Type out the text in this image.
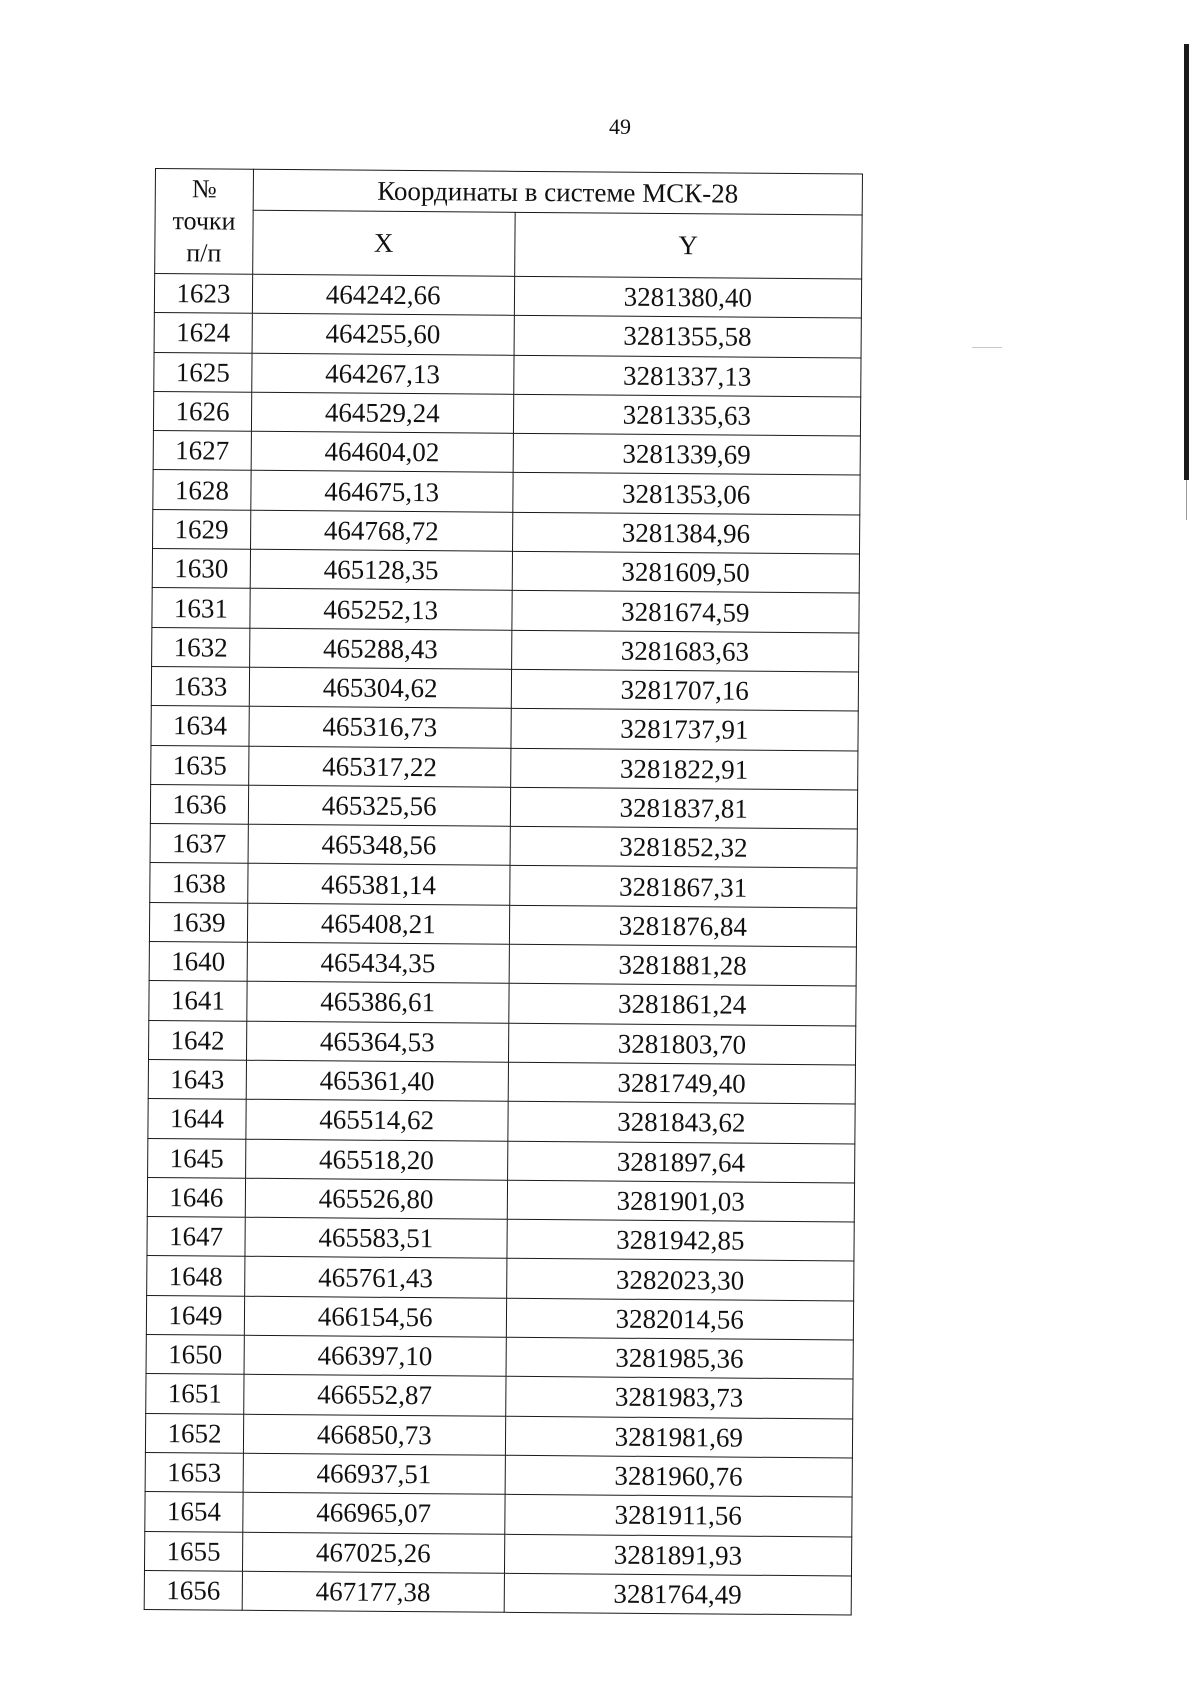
49
№
точки
п/п	Координаты в системе МСК-28	
	X	Y
1623	464242,66	3281380,40
1624	464255,60	3281355,58
1625	464267,13	3281337,13
1626	464529,24	3281335,63
1627	464604,02	3281339,69
1628	464675,13	3281353,06
1629	464768,72	3281384,96
1630	465128,35	3281609,50
1631	465252,13	3281674,59
1632	465288,43	3281683,63
1633	465304,62	3281707,16
1634	465316,73	3281737,91
1635	465317,22	3281822,91
1636	465325,56	3281837,81
1637	465348,56	3281852,32
1638	465381,14	3281867,31
1639	465408,21	3281876,84
1640	465434,35	3281881,28
1641	465386,61	3281861,24
1642	465364,53	3281803,70
1643	465361,40	3281749,40
1644	465514,62	3281843,62
1645	465518,20	3281897,64
1646	465526,80	3281901,03
1647	465583,51	3281942,85
1648	465761,43	3282023,30
1649	466154,56	3282014,56
1650	466397,10	3281985,36
1651	466552,87	3281983,73
1652	466850,73	3281981,69
1653	466937,51	3281960,76
1654	466965,07	3281911,56
1655	467025,26	3281891,93
1656	467177,38	3281764,49
